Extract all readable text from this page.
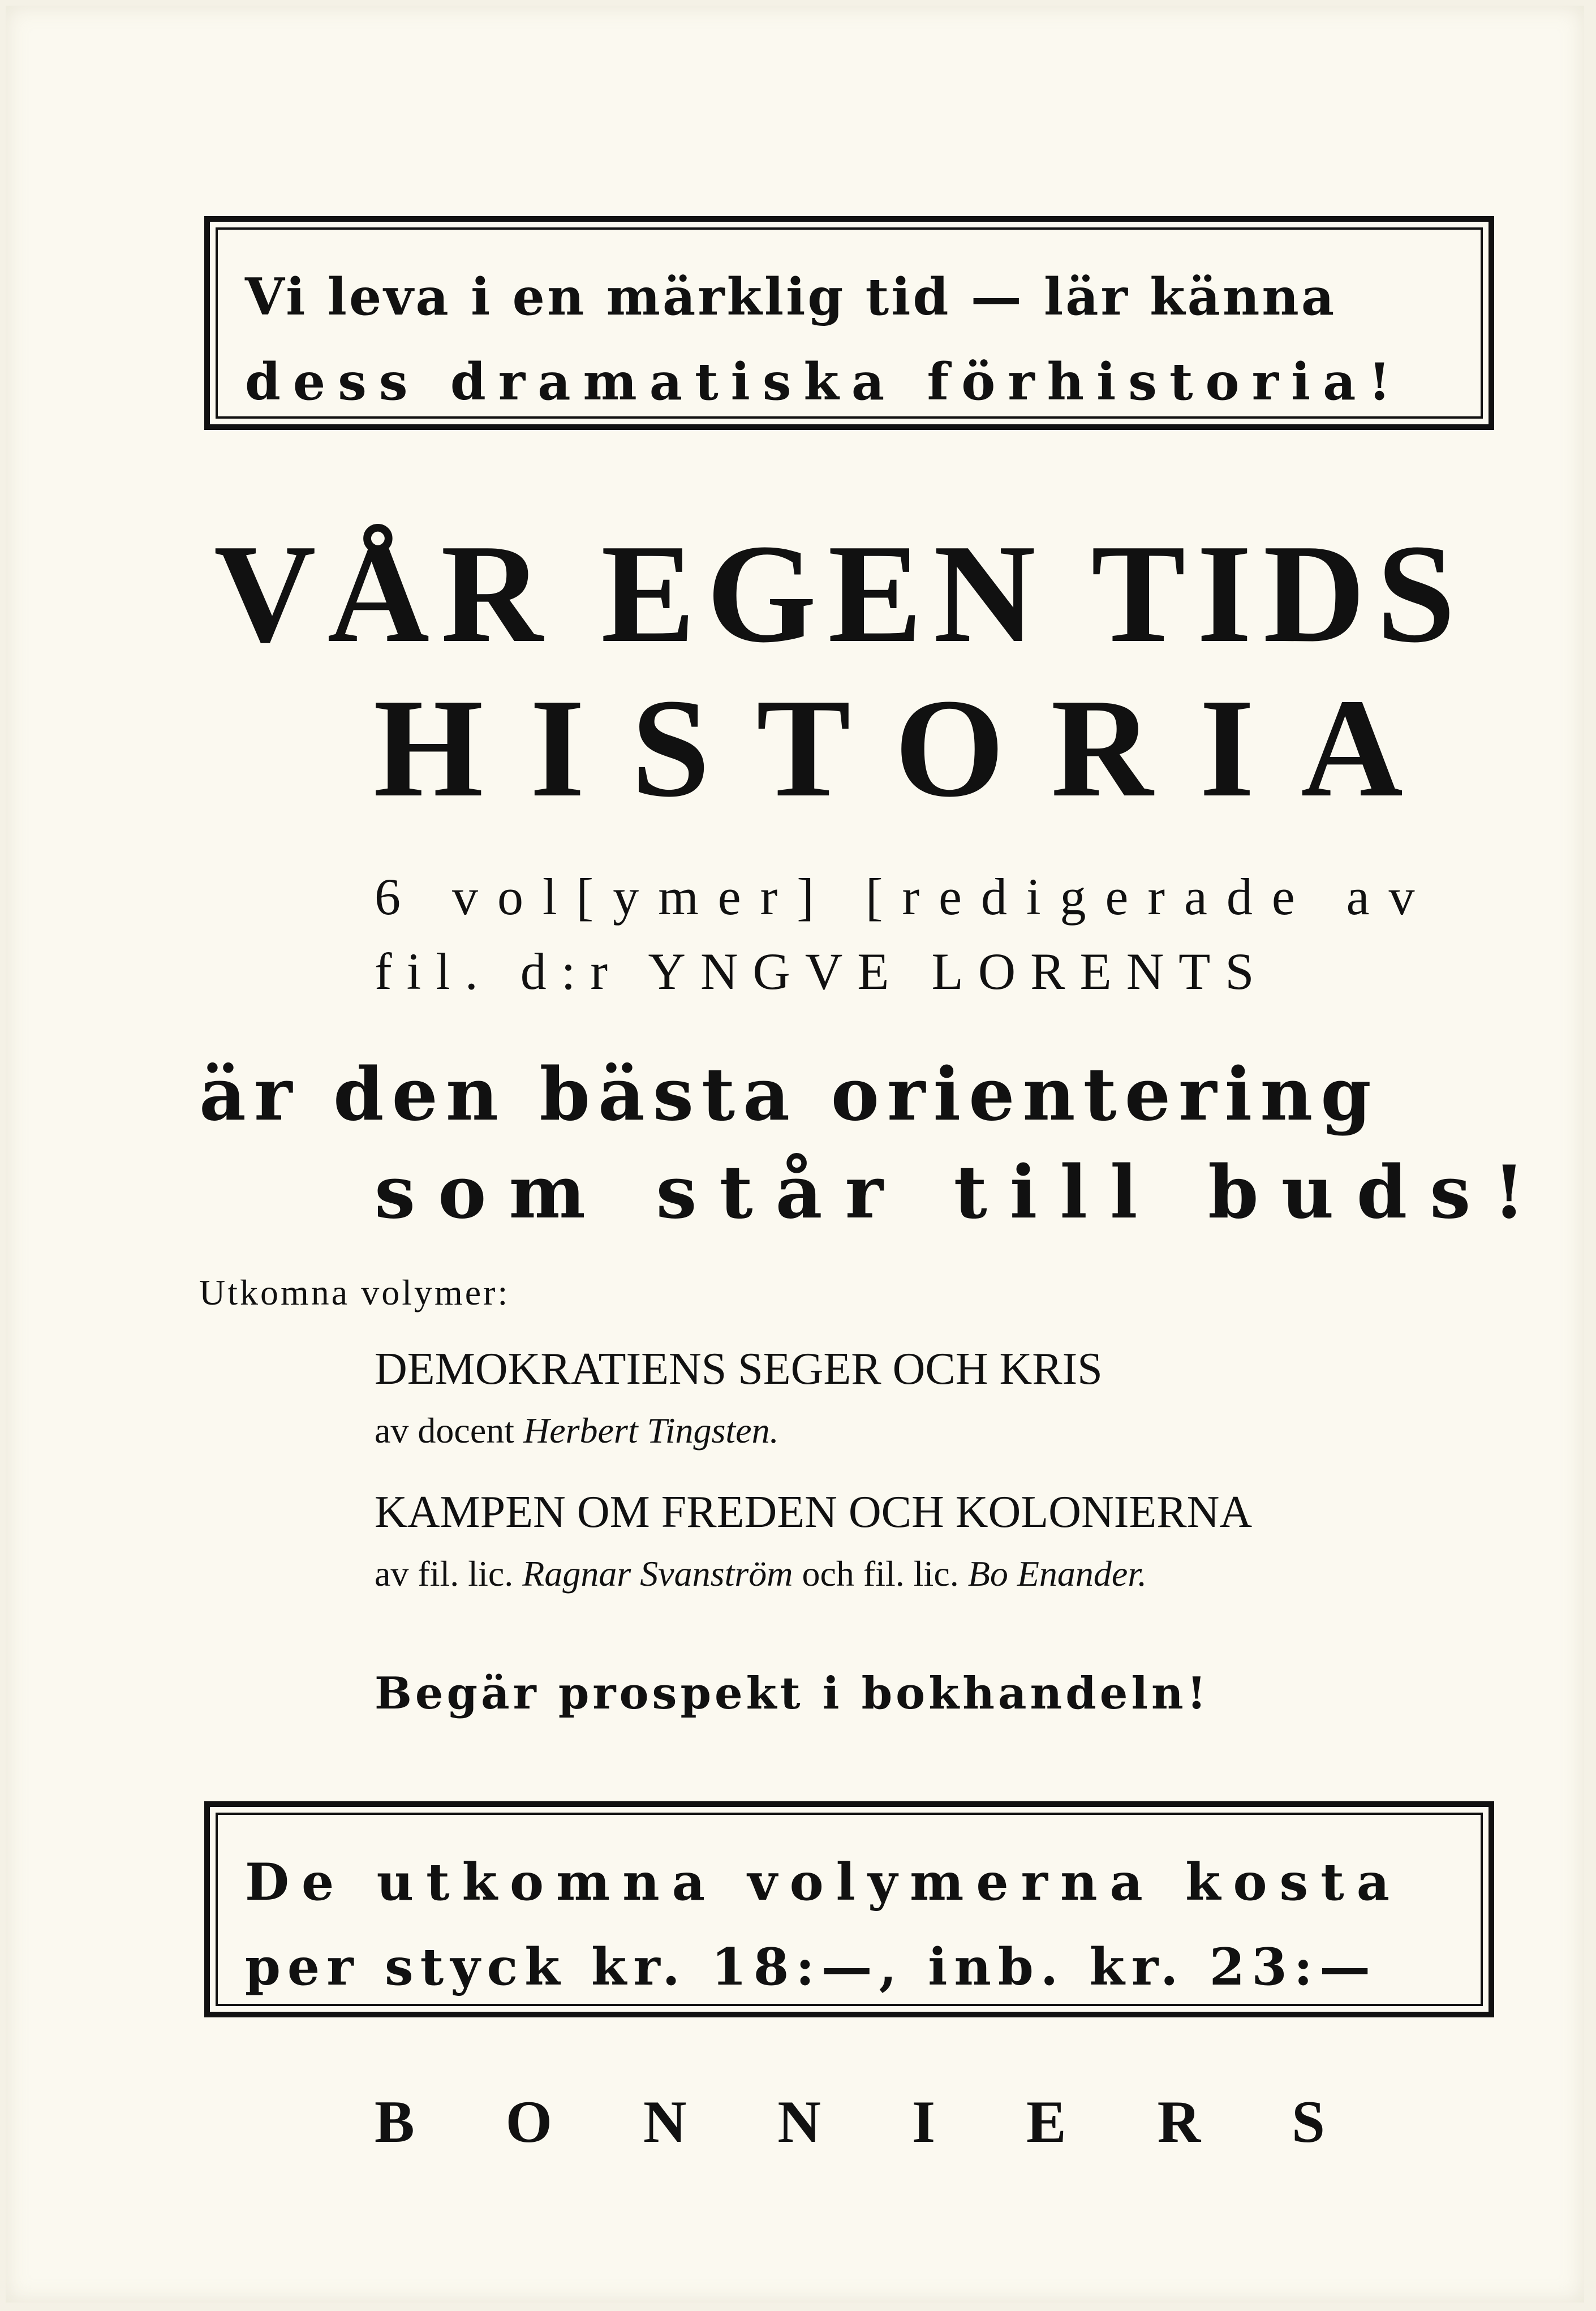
Vi leva i en märklig tid — lär känna
dess dramatiska förhistoria!
VÅR EGEN TIDS
HISTORIA
6 vol[ymer] [redigerade av
fil. d:r YNGVE LORENTS
är den bästa orientering
som står till buds!
Utkomna volymer:
DEMOKRATIENS SEGER OCH KRIS
av docent Herbert Tingsten.
KAMPEN OM FREDEN OCH KOLONIERNA
av fil. lic. Ragnar Svanström och fil. lic. Bo Enander.
Begär prospekt i bokhandeln!
De utkomna volymerna kosta
per styck kr. 18:—, inb. kr. 23:—
B O N N I E R S
